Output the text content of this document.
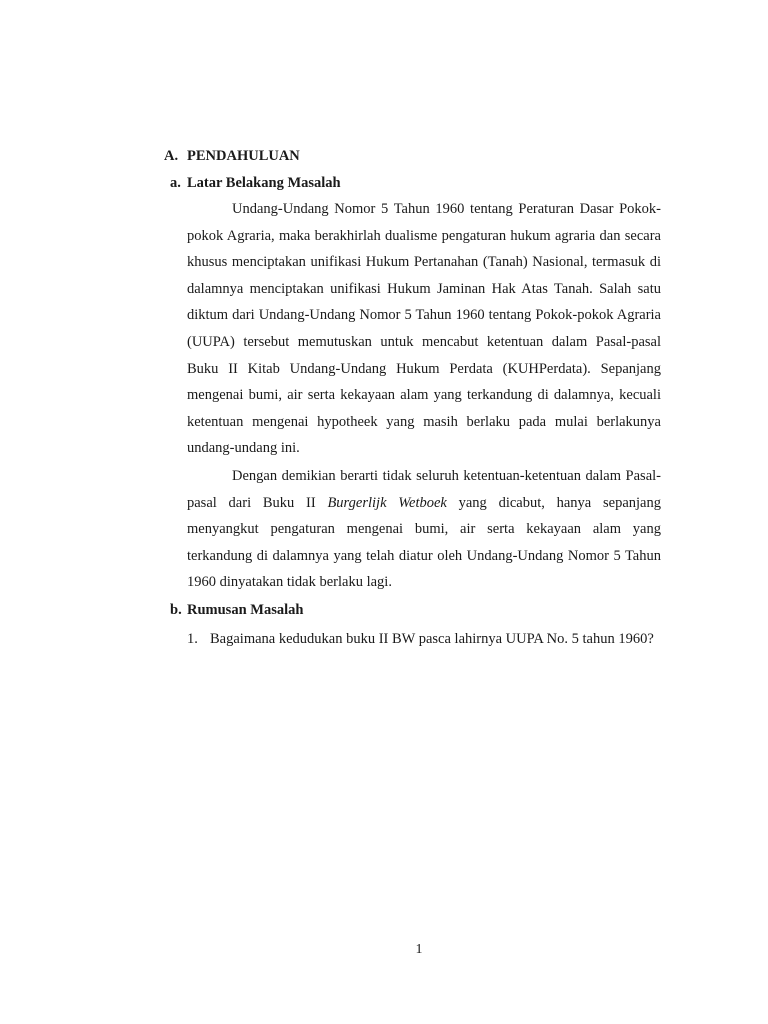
A. PENDAHULUAN
a. Latar Belakang Masalah

Undang-Undang Nomor 5 Tahun 1960 tentang Peraturan Dasar Pokok-pokok Agraria, maka berakhirlah dualisme pengaturan hukum agraria dan secara khusus menciptakan unifikasi Hukum Pertanahan (Tanah) Nasional, termasuk di dalamnya menciptakan unifikasi Hukum Jaminan Hak Atas Tanah. Salah satu diktum dari Undang-Undang Nomor 5 Tahun 1960 tentang Pokok-pokok Agraria (UUPA) tersebut memutuskan untuk mencabut ketentuan dalam Pasal-pasal Buku II Kitab Undang-Undang Hukum Perdata (KUHPerdata). Sepanjang mengenai bumi, air serta kekayaan alam yang terkandung di dalamnya, kecuali ketentuan mengenai hypotheek yang masih berlaku pada mulai berlakunya undang-undang ini.

Dengan demikian berarti tidak seluruh ketentuan-ketentuan dalam Pasal-pasal dari Buku II Burgerlijk Wetboek yang dicabut, hanya sepanjang menyangkut pengaturan mengenai bumi, air serta kekayaan alam yang terkandung di dalamnya yang telah diatur oleh Undang-Undang Nomor 5 Tahun 1960 dinyatakan tidak berlaku lagi.

b. Rumusan Masalah
1. Bagaimana kedudukan buku II BW pasca lahirnya UUPA No. 5 tahun 1960?
1
